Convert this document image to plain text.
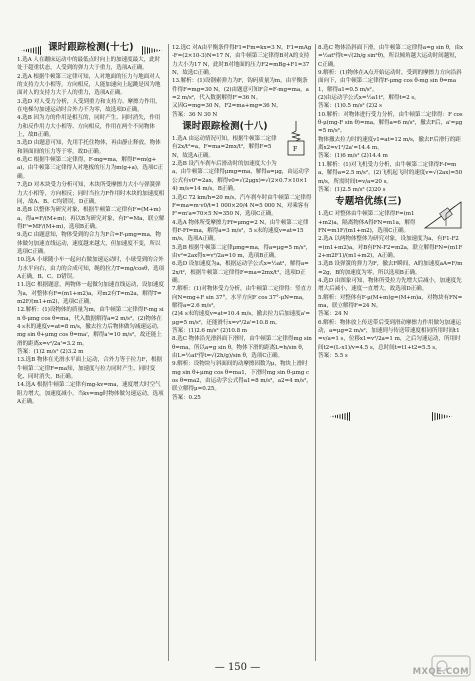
课时跟踪检测(十七)

1.选A 人在蹦床运动中的最低点时向上的加速度最大，此时处于超重状态，人受到的弹力大于重力，选项A正确。

2.选A 根据牛顿第三定律可知，人对地面的压力与地面对人的支持力大小相等，方向相反，人能加速向上起跳是因为地面对人的支持力大于人的重力，选项A正确。

3.选D 对人受力分析，人受到重力和支持力、摩擦力作用，在电梯匀加速运动时合外力不为零，故选项D正确。

4.选B 因为力的作用是相互的，同时产生、同时消失，作用力和反作用力大小相等、方向相反，作用在两个不同物体上，故B正确。

5.选D 由题意可知，先用手托住物体，再由静止释放，物体和斜面间的压力等于零，故D正确。

6.选C 根据牛顿第二定律得，F-mg=ma，解得F=m(g+a)，由牛顿第三定律得人对地板的压力为m(g+a)，选项C正确。

7.选D 对木块受力分析可知，木块所受摩擦力大小与弹簧弹力大小相等，方向相反；同时当拉力F作用时木块的加速度相同，故A、B、C均错误，D正确。

8.选B 以整体为研究对象，根据牛顿第二定律有F=(M+m)a，得a=F/(M+m)；再以B为研究对象，有F'=Ma，联立解得F'=MF/(M+m)，选项B正确。

9.选C 由题意知，物体受到的合力为F合=F-μmg=ma，物体做匀加速直线运动，速度越来越大，但加速度不变，所以选项C正确。

10.选A 小球随小车一起向右做加速运动时，小球受到的合外力水平向右，由力的合成可知，绳的拉力T=mg/cosθ，选项A正确，B、C、D错误。

11.选C 根据题意，两物体一起做匀加速直线运动，设加速度为a，对整体有F=(m1+m2)a，对m2有T=m2a，解得T=m2F/(m1+m2)，选项C正确。

12.解析：(1)设物体的质量为m，由牛顿第二定律得F-mg sin θ-μmg cos θ=ma，代入数据解得a=2 m/s²。(2)物体在4 s末的速度v=at=8 m/s，撤去拉力后物体做匀减速运动，mg sin θ+μmg cos θ=ma'，解得a'=10 m/s²，故还能上滑的距离x=v²/2a'=3.2 m。

答案：(1)2 m/s² (2)3.2 m

13.选B 物体在光滑水平面上运动，合外力等于拉力F，根据牛顿第二定律F=ma知，加速度与拉力同时产生、同时变化、同时消失，B正确。

14.选A 根据牛顿第二定律有mg-kv=ma，速度增大时空气阻力增大，加速度减小，当kv=mg时物体做匀速运动，选项A正确。

12.选C 对A由平衡条件得F1=Fm=kx=3 N，F1=mAg-F=(2×10-3)N=17 N，由牛顿第三定律得B对A的支持力大小为17 N，此时B对地面的压力F2=mBg+F1=37 N，故选C正确。

13.解析：(1)设钢索弹力为F，钩码质量为m，由平衡条件得F=mg=30 N。(2)由题意可知F合=F-mg=ma，a=2 m/s²，代入数据解得F'=36 N。

又因G=mg=30 N，F2=ma+mg=36 N。

答案：36 N 30 N

F
课时跟踪检测(十八)

1.选A 由运动情况可知，根据牛顿第二定律有2x/t²=a，F=ma=2mx/t²，解得F=5 N，故选A正确。

2.选B 设汽车刹车后滑动时的加速度大小为a，由牛顿第二定律得μmg=ma，解得a=μg，由运动学公式有v0²=2ax，解得v0=√(2μgx)=√(2×0.7×10×14) m/s=14 m/s，B正确。

3.选C 72 km/h=20 m/s，汽车刹车时由牛顿第二定律得F=ma=m·v0/t=1 000×20/4 N=5 000 N，对乘客有F'=m'a=70×5 N=350 N，选项C正确。

4.选A 物体所受摩擦力Ff=μmg=2 N，由牛顿第二定律得F-Ff=ma，解得a=3 m/s²，5 s末的速度v=at=15 m/s，选项A正确。

5.选B 根据牛顿第二定律μmg=ma，得a=μg=5 m/s²，由v²=2ax得x=v²/2a=10 m，选项B正确。

6.选D 设加速度为a，根据运动学公式x=½at²，解得a=2x/t²，根据牛顿第二定律得F=ma=2mx/t²，选项D正确。

7.解析：(1)对物体受力分析，由牛顿第二定律得：竖直方向N=mg+F sin 37°，水平方向F cos 37°-μN=ma，解得a=2.6 m/s²。

(2)4 s末的速度v=at=10.4 m/s，撤去拉力后加速度a'=μg=5 m/s²，还能滑行x=v²/2a'=10.8 m。

答案：(1)2.6 m/s² (2)10.8 m

8.选C 物体沿光滑斜面下滑时，由牛顿第二定律得mg sin θ=ma，所以a=g sin θ，物体下滑的距离L=h/sin θ，由L=½at²得t=√(2h/g)/sin θ，选项C正确。

9.解析：设物块与斜面间的动摩擦因数为μ，物块上滑时mg sin θ+μmg cos θ=ma1，下滑时mg sin θ-μmg cos θ=ma2，由运动学公式得a1=8 m/s²，a2=4 m/s²，联立解得μ=0.25。

答案：0.25

8.选C 物体沿斜面下滑，由牛顿第二定律得a=g sin θ，由x=½at²得t=√(2h/g sin²θ)，所以倾角越大运动时间越短，C正确。

9.解析：(1)物体在A点开始运动时，受到的摩擦力方向沿斜面向下，由牛顿第二定律得F-μmg cos θ-mg sin θ=ma1，解得a1=0.5 m/s²。

(2)由运动学公式x=½a1t²，解得t=2 s。

答案：(1)0.5 m/s² (2)2 s

10.解析：对物体进行受力分析，由牛顿第二定律得：F cos θ-μ(mg-F sin θ)=ma，解得a=6 m/s²，撤去F后，a'=μg=5 m/s²。

物体撤去拉力时的速度v1=at=12 m/s，撤去F后滑行的距离x2=v1²/2a'=14.4 m。

答案：(1)6 m/s² (2)14.4 m

11.解析：(1)对飞机受力分析，由牛顿第二定律得F-f=ma，解得a=2.5 m/s²。(2)飞机起飞时的速度v=√(2ax)=50 m/s，所需时间t=v/a=20 s。

答案：(1)2.5 m/s² (2)20 s

专题培优练(三)

1.选C 对整体由牛顿第二定律得F=(m1+m2)a，隔离物体A得FN=m1a，解得FN=m1F/(m1+m2)，选项C正确。

2.选A 以两物体整体为研究对象，设加速度为a，有F1-F2=(m1+m2)a，对B有FN-F2=m2a，联立解得FN=(m1F2+m2F1)/(m1+m2)，A正确。

3.选B 设弹簧的弹力为F，撤去F瞬间，A的加速度aA=F/m=2g，B的加速度为零，所以选项B正确。

4.选D 由图象可知，物体所受拉力先增大后减小，加速度先增大后减小，速度一直增大，故选项D正确。

5.解析：对整体有F-μ(M+m)g=(M+m)a，对物块有FN=ma，联立解得F=24 N。

答案：24 N

6.解析：物体放上传送带后受到滑动摩擦力作用做匀加速运动，a=μg=2 m/s²，加速到与传送带速度相同所用时间t1=v/a=1 s，位移x1=v²/2a=1 m，之后匀速运动，所用时间t2=(L-x1)/v=4.5 s，总时间t=t1+t2=5.5 s。

答案：5.5 s

— 150 —	MXQE.COM
